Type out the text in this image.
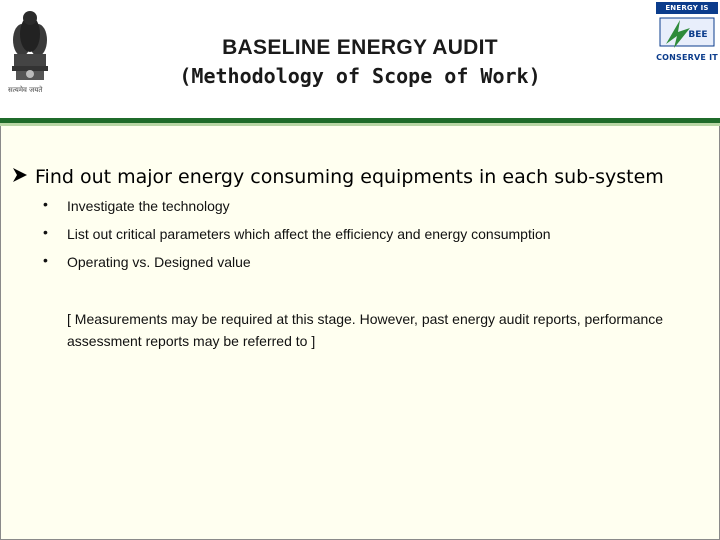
सत्यमेव जयते
BASELINE ENERGY AUDIT
(Methodology of Scope of Work)
ENERGY IS
BEE
CONSERVE IT
Find out major energy consuming equipments in each sub-system
• Investigate the technology
• List out critical parameters which affect the efficiency and energy consumption
• Operating vs. Designed value
[ Measurements may be required at this stage. However, past energy audit reports, performance assessment reports may be referred to ]
